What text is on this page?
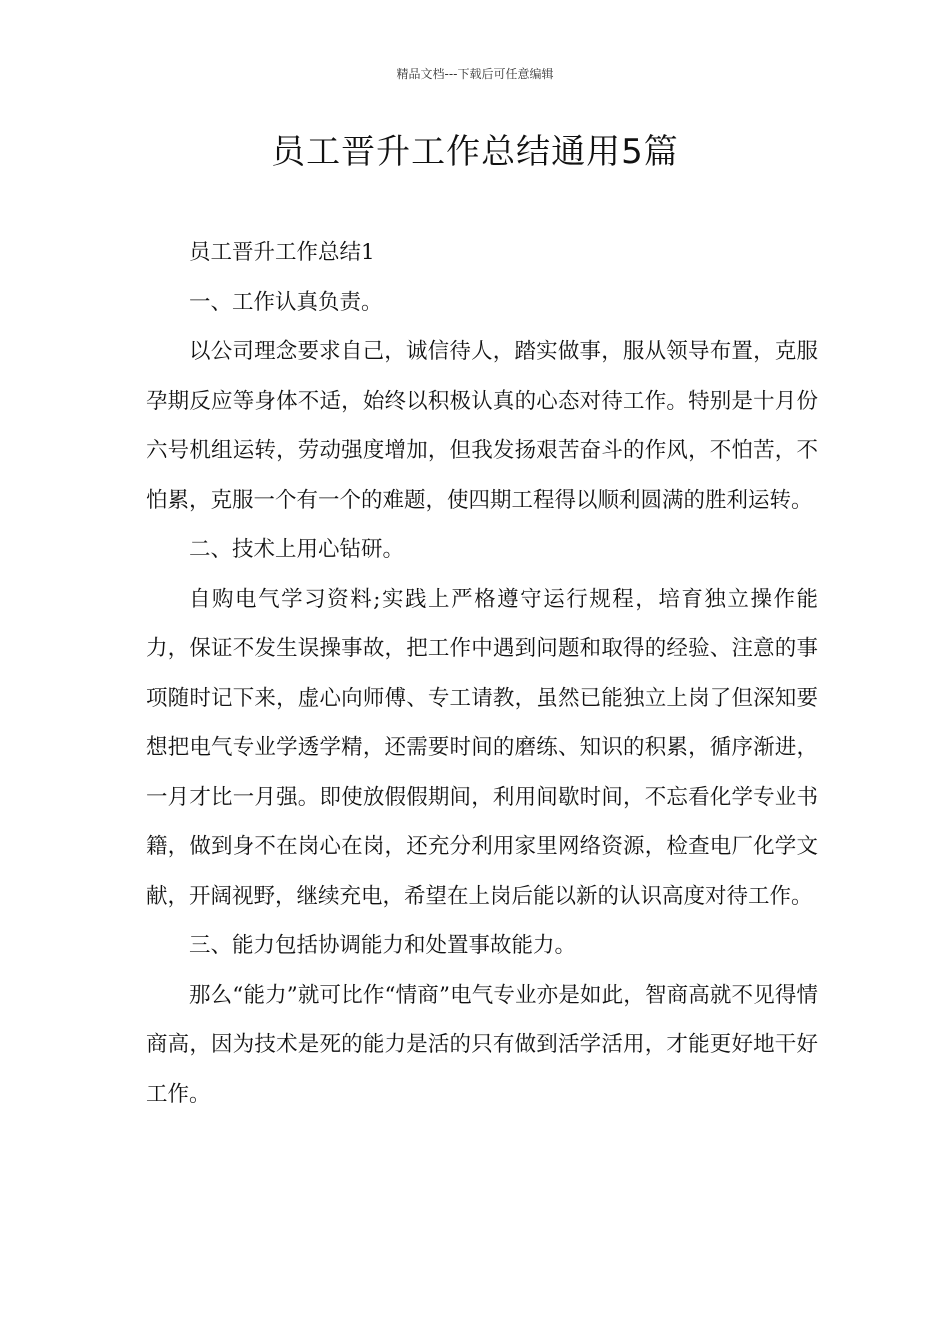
精品文档---下载后可任意编辑
员工晋升工作总结通用5篇

员工晋升工作总结1

一、工作认真负责。

以公司理念要求自己，诚信待人，踏实做事，服从领导布置，克服孕期反应等身体不适，始终以积极认真的心态对待工作。特别是十月份六号机组运转，劳动强度增加，但我发扬艰苦奋斗的作风，不怕苦，不怕累，克服一个有一个的难题，使四期工程得以顺利圆满的胜利运转。

二、技术上用心钻研。

自购电气学习资料;实践上严格遵守运行规程，培育独立操作能力，保证不发生误操事故，把工作中遇到问题和取得的经验、注意的事项随时记下来，虚心向师傅、专工请教，虽然已能独立上岗了但深知要想把电气专业学透学精，还需要时间的磨练、知识的积累，循序渐进，一月才比一月强。即使放假假期间，利用间歇时间，不忘看化学专业书籍，做到身不在岗心在岗，还充分利用家里网络资源，检查电厂化学文献，开阔视野，继续充电，希望在上岗后能以新的认识高度对待工作。

三、能力包括协调能力和处置事故能力。

那么“能力”就可比作“情商”电气专业亦是如此，智商高就不见得情商高，因为技术是死的能力是活的只有做到活学活用，才能更好地干好工作。
